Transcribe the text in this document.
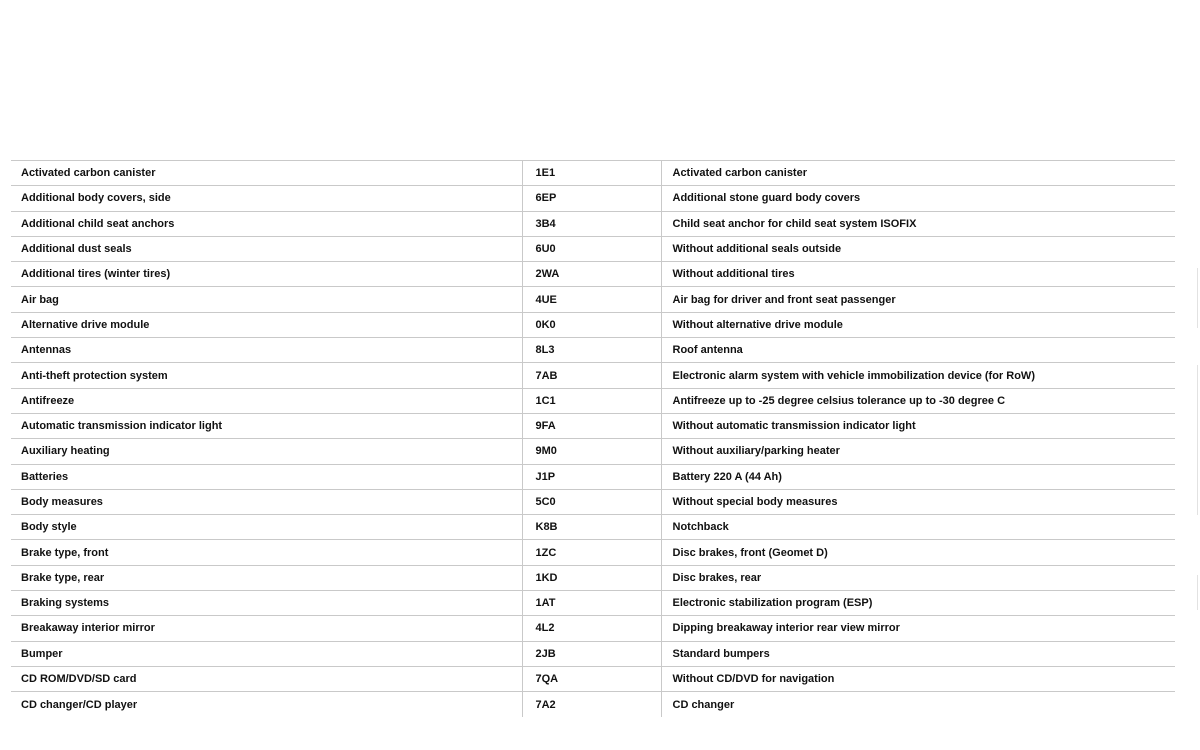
Activated carbon canister	1E1	Activated carbon canister
Additional body covers, side	6EP	Additional stone guard body covers
Additional child seat anchors	3B4	Child seat anchor for child seat system ISOFIX
Additional dust seals	6U0	Without additional seals outside
Additional tires (winter tires)	2WA	Without additional tires
Air bag	4UE	Air bag for driver and front seat passenger
Alternative drive module	0K0	Without alternative drive module
Antennas	8L3	Roof antenna
Anti-theft protection system	7AB	Electronic alarm system with vehicle immobilization device (for RoW)
Antifreeze	1C1	Antifreeze up to -25 degree celsius tolerance up to -30 degree C
Automatic transmission indicator light	9FA	Without automatic transmission indicator light
Auxiliary heating	9M0	Without auxiliary/parking heater
Batteries	J1P	Battery 220 A (44 Ah)
Body measures	5C0	Without special body measures
Body style	K8B	Notchback
Brake type, front	1ZC	Disc brakes, front (Geomet D)
Brake type, rear	1KD	Disc brakes, rear
Braking systems	1AT	Electronic stabilization program (ESP)
Breakaway interior mirror	4L2	Dipping breakaway interior rear view mirror
Bumper	2JB	Standard bumpers
CD ROM/DVD/SD card	7QA	Without CD/DVD for navigation
CD changer/CD player	7A2	CD changer
